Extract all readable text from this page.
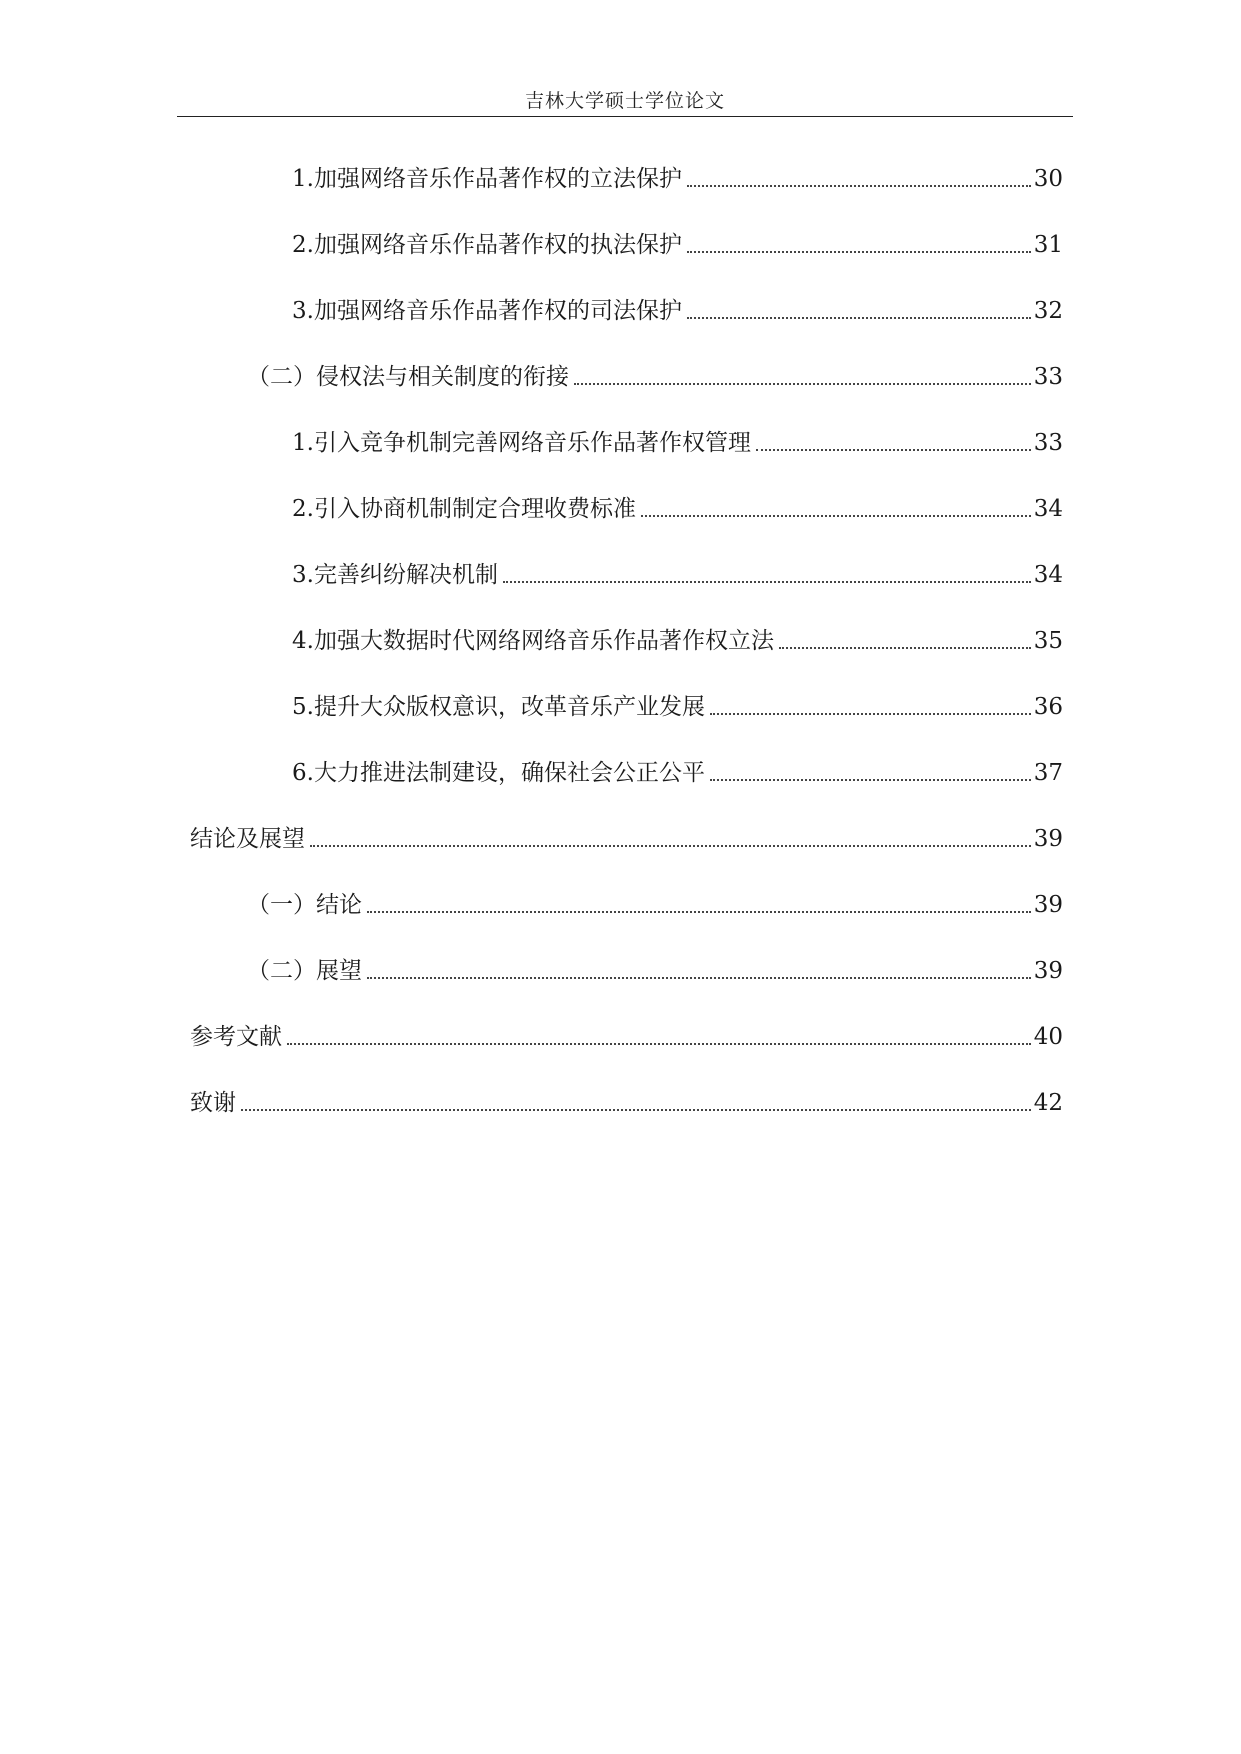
吉林大学硕士学位论文
1.加强网络音乐作品著作权的立法保护	30
2.加强网络音乐作品著作权的执法保护	31
3.加强网络音乐作品著作权的司法保护	32
（二）侵权法与相关制度的衔接	33
1.引入竞争机制完善网络音乐作品著作权管理	33
2.引入协商机制制定合理收费标准	34
3.完善纠纷解决机制	34
4.加强大数据时代网络网络音乐作品著作权立法	35
5.提升大众版权意识，改革音乐产业发展	36
6.大力推进法制建设，确保社会公正公平	37
结论及展望	39
（一）结论	39
（二）展望	39
参考文献	40
致谢	42
